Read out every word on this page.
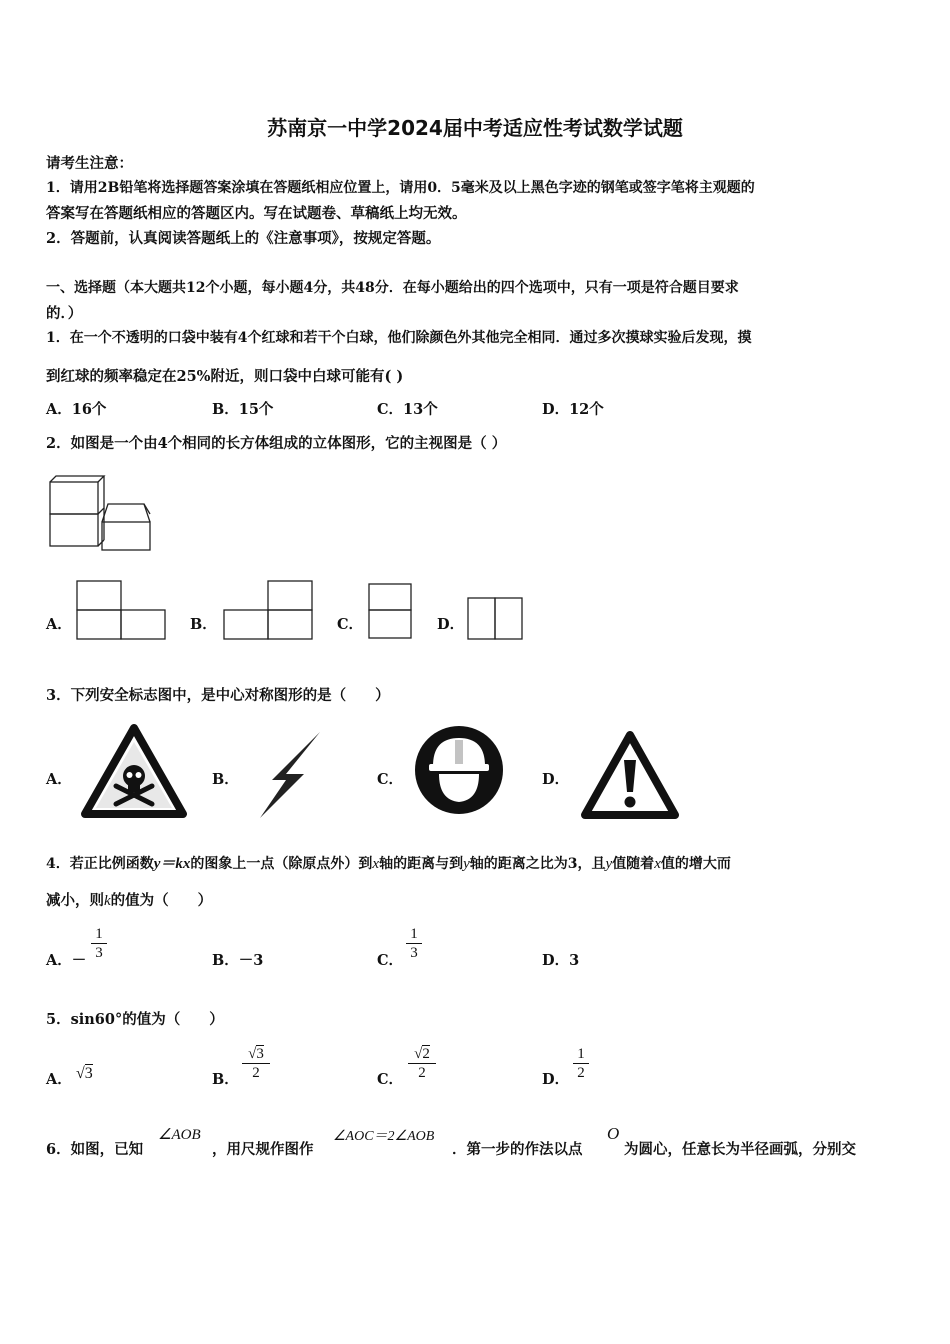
苏南京一中学2024届中考适应性考试数学试题
请考生注意：
1．请用2B铅笔将选择题答案涂填在答题纸相应位置上，请用0．5毫米及以上黑色字迹的钢笔或签字笔将主观题的
答案写在答题纸相应的答题区内。写在试题卷、草稿纸上均无效。
2．答题前，认真阅读答题纸上的《注意事项》，按规定答题。
一、选择题（本大题共12个小题，每小题4分，共48分．在每小题给出的四个选项中，只有一项是符合题目要求
的．）
1．在一个不透明的口袋中装有4个红球和若干个白球，他们除颜色外其他完全相同．通过多次摸球实验后发现，摸
到红球的频率稳定在25%附近，则口袋中白球可能有( )
A．16个	B．15个	C．13个	D．12个
2．如图是一个由4个相同的长方体组成的立体图形，它的主视图是（ ）
A．	B．	C．	D．
3．下列安全标志图中，是中心对称图形的是（　　）
A．	B．	C．	D．
4．若正比例函数y＝kx的图象上一点（除原点外）到x轴的距离与到y轴的距离之比为3，且y值随着x值的增大而
减小，则k的值为（　　）
A．－ $\frac{1}{3}$	B．－3	C． $\frac{1}{3}$	D．3
5．sin60°的值为（　　）
A． √3	B． $\frac{√3}{2}$	C． $\frac{√2}{2}$	D． $\frac{1}{2}$
6．如图，已知
∠AOB
，用尺规作图作
∠AOC＝2∠AOB
．第一步的作法以点
O
为圆心，任意长为半径画弧，分别交
